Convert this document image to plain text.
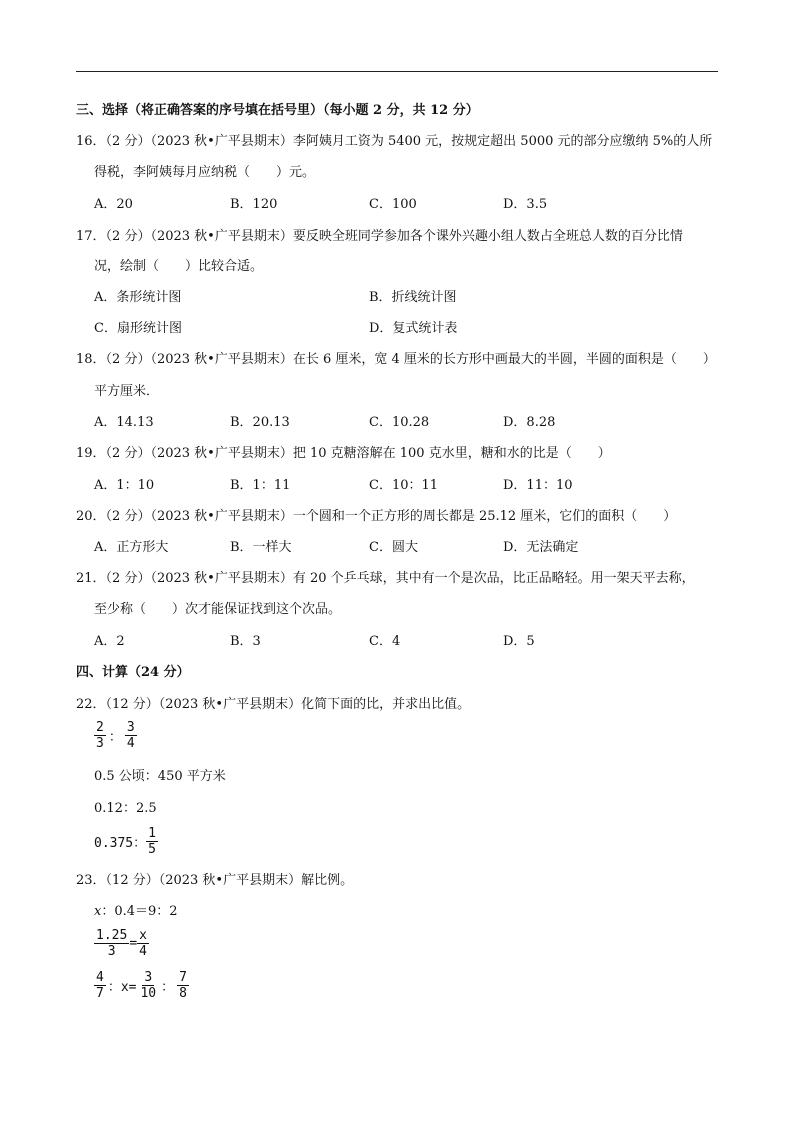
三、选择（将正确答案的序号填在括号里）（每小题 2 分，共 12 分）
16．（2 分）（2023 秋•广平县期末）李阿姨月工资为 5400 元，按规定超出 5000 元的部分应缴纳 5%的人所
得税，李阿姨每月应纳税（　　）元。
A．20	B．120	C．100	D．3.5
17．（2 分）（2023 秋•广平县期末）要反映全班同学参加各个课外兴趣小组人数占全班总人数的百分比情
况，绘制（　　）比较合适。
A．条形统计图	B．折线统计图
C．扇形统计图	D．复式统计表
18．（2 分）（2023 秋•广平县期末）在长 6 厘米，宽 4 厘米的长方形中画最大的半圆，半圆的面积是（　　）
平方厘米．
A．14.13	B．20.13	C．10.28	D．8.28
19．（2 分）（2023 秋•广平县期末）把 10 克糖溶解在 100 克水里，糖和水的比是（　　）
A．1：10	B．1：11	C．10：11	D．11：10
20．（2 分）（2023 秋•广平县期末）一个圆和一个正方形的周长都是 25.12 厘米，它们的面积（　　）
A．正方形大	B．一样大	C．圆大	D．无法确定
21．（2 分）（2023 秋•广平县期末）有 20 个乒乓球，其中有一个是次品，比正品略轻。用一架天平去称，
至少称（　　）次才能保证找到这个次品。
A．2	B．3	C．4	D．5
四、计算（24 分）
22．（12 分）（2023 秋•广平县期末）化简下面的比，并求出比值。
$\frac{2}{3}$ ： $\frac{3}{4}$
0.5 公顷：450 平方米
0.12：2.5
0.375： $\frac{1}{5}$
23．（12 分）（2023 秋•广平县期末）解比例。
x：0.4＝9：2
$\frac{1.25}{3} = \frac{x}{4}$
$\frac{4}{7}$ ：$x= \frac{3}{10}$ ： $\frac{7}{8}$
